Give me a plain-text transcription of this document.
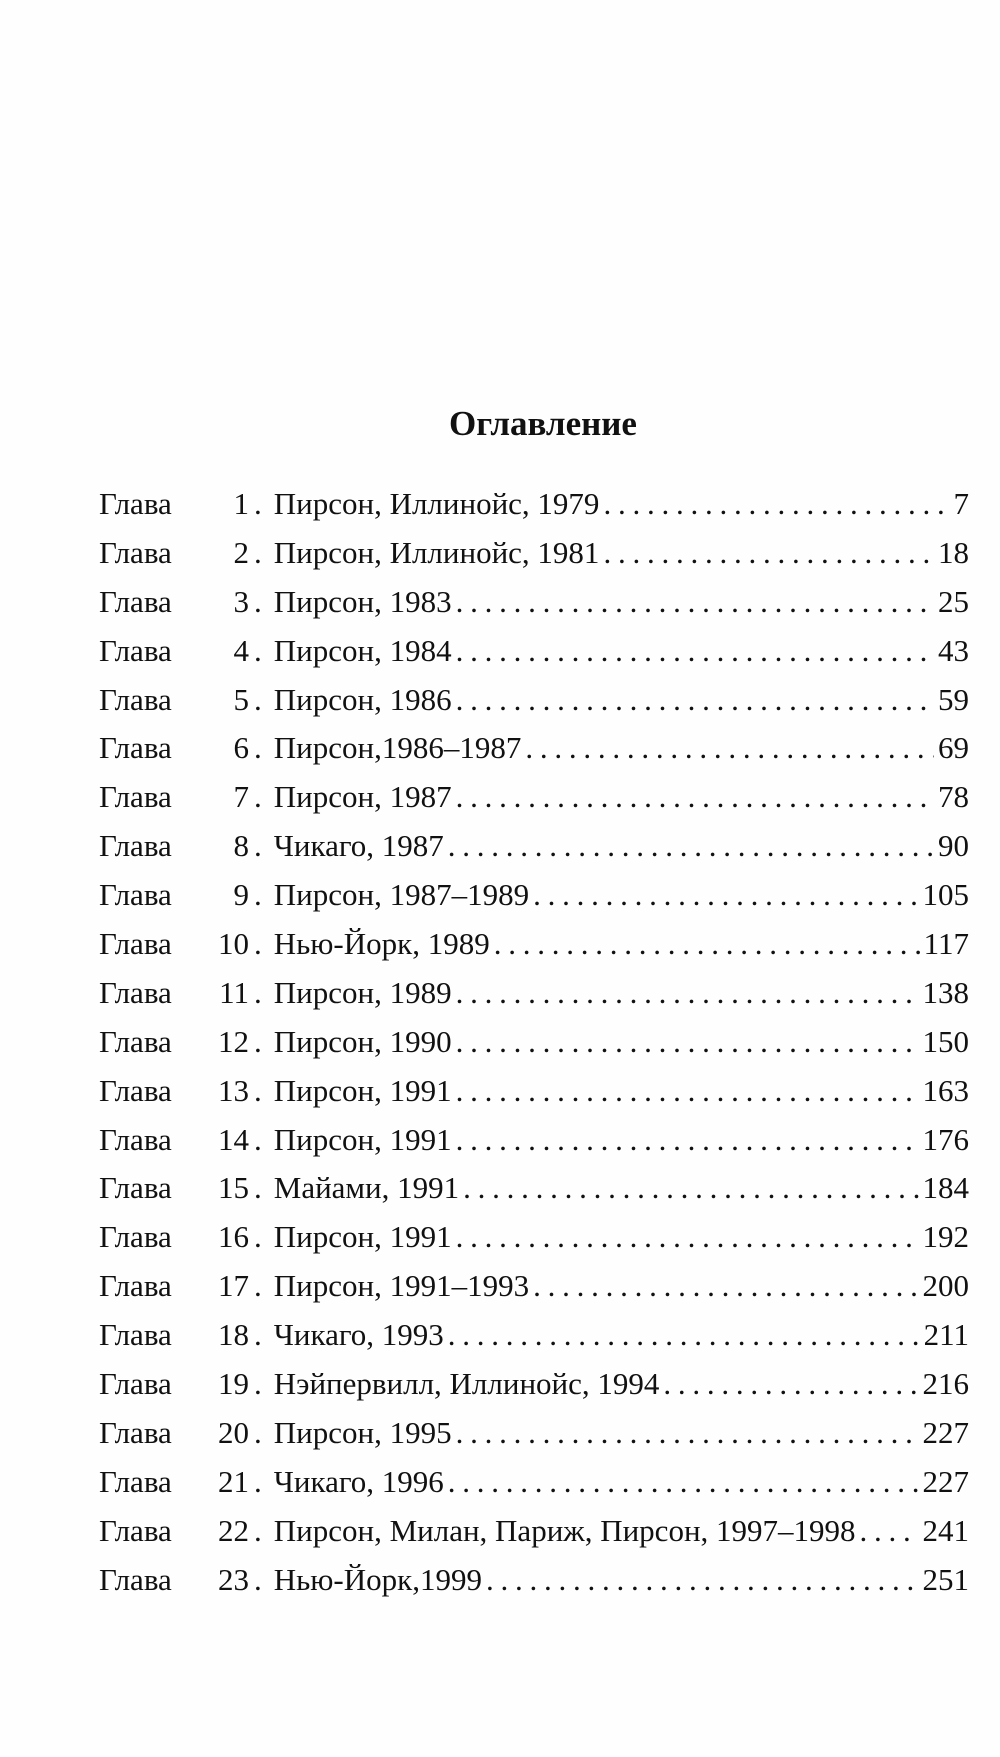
Оглавление
Глава	1 . Пирсон, Иллинойс, 1979 . . .	7
Глава	2 . Пирсон, Иллинойс, 1981 . . .	18
Глава	3 . Пирсон, 1983 . . .	25
Глава	4 . Пирсон, 1984 . . .	43
Глава	5 . Пирсон, 1986 . . .	59
Глава	6 . Пирсон,1986–1987 . . .	69
Глава	7 . Пирсон, 1987 . . .	78
Глава	8 . Чикаго, 1987 . . .	90
Глава	9 . Пирсон, 1987–1989 . . .	105
Глава	10 . Нью-Йорк, 1989 . . .	117
Глава	11 . Пирсон, 1989 . . .	138
Глава	12 . Пирсон, 1990 . . .	150
Глава	13 . Пирсон, 1991 . . .	163
Глава	14 . Пирсон, 1991 . . .	176
Глава	15 . Майами, 1991 . . .	184
Глава	16 . Пирсон, 1991 . . .	192
Глава	17 . Пирсон, 1991–1993 . . .	200
Глава	18 . Чикаго, 1993 . . .	211
Глава	19 . Нэйпервилл, Иллинойс, 1994 . . .	216
Глава	20 . Пирсон, 1995 . . .	227
Глава	21 . Чикаго, 1996 . . .	227
Глава	22 . Пирсон, Милан, Париж, Пирсон, 1997–1998 . . . 241
Глава	23 . Нью-Йорк,1999 . . .	251
